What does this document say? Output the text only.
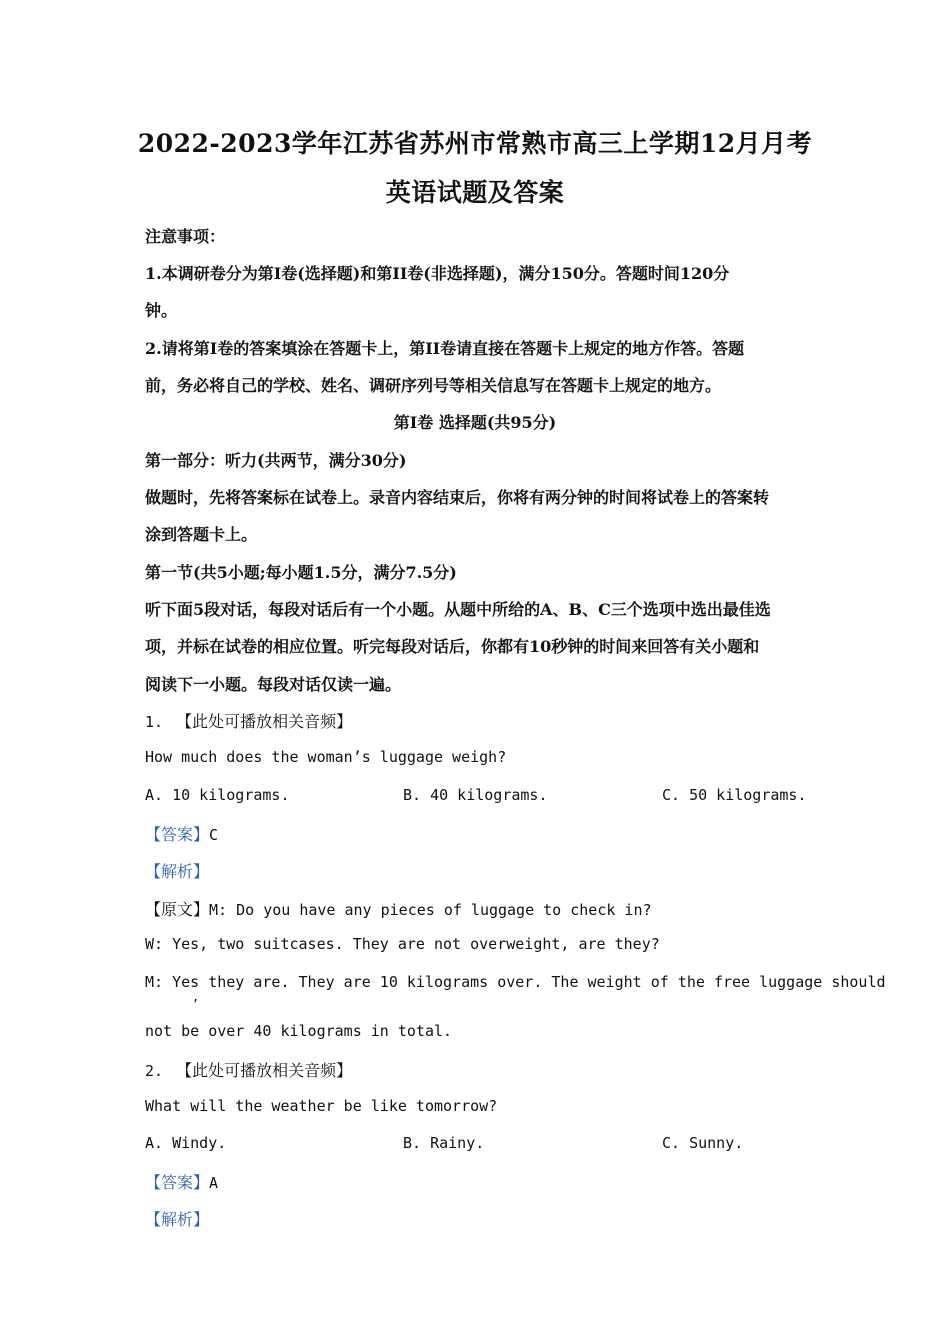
2022-2023学年江苏省苏州市常熟市高三上学期12月月考
英语试题及答案
注意事项：
1.本调研卷分为第Ⅰ卷(选择题)和第II卷(非选择题)，满分150分。答题时间120分
钟。
2.请将第Ⅰ卷的答案填涂在答题卡上，第II卷请直接在答题卡上规定的地方作答。答题
前，务必将自己的学校、姓名、调研序列号等相关信息写在答题卡上规定的地方。
第Ⅰ卷 选择题(共95分)
第一部分：听力(共两节，满分30分)
做题时，先将答案标在试卷上。录音内容结束后，你将有两分钟的时间将试卷上的答案转
涂到答题卡上。
第一节(共5小题;每小题1.5分，满分7.5分)
听下面5段对话，每段对话后有一个小题。从题中所给的A、B、C三个选项中选出最佳选
项，并标在试卷的相应位置。听完每段对话后，你都有10秒钟的时间来回答有关小题和
阅读下一小题。每段对话仅读一遍。
1. 【此处可播放相关音频】
How much does the woman’s luggage weigh?
A. 10 kilograms.	B. 40 kilograms.	C. 50 kilograms.
【答案】C
【解析】
【原文】M: Do you have any pieces of luggage to check in?
W: Yes, two suitcases. They are not overweight, are they?
M: Yes they are. They are 10 kilograms over. The weight of the free luggage should
,
not be over 40 kilograms in total.
2. 【此处可播放相关音频】
What will the weather be like tomorrow?
A. Windy.	B. Rainy.	C. Sunny.
【答案】A
【解析】
